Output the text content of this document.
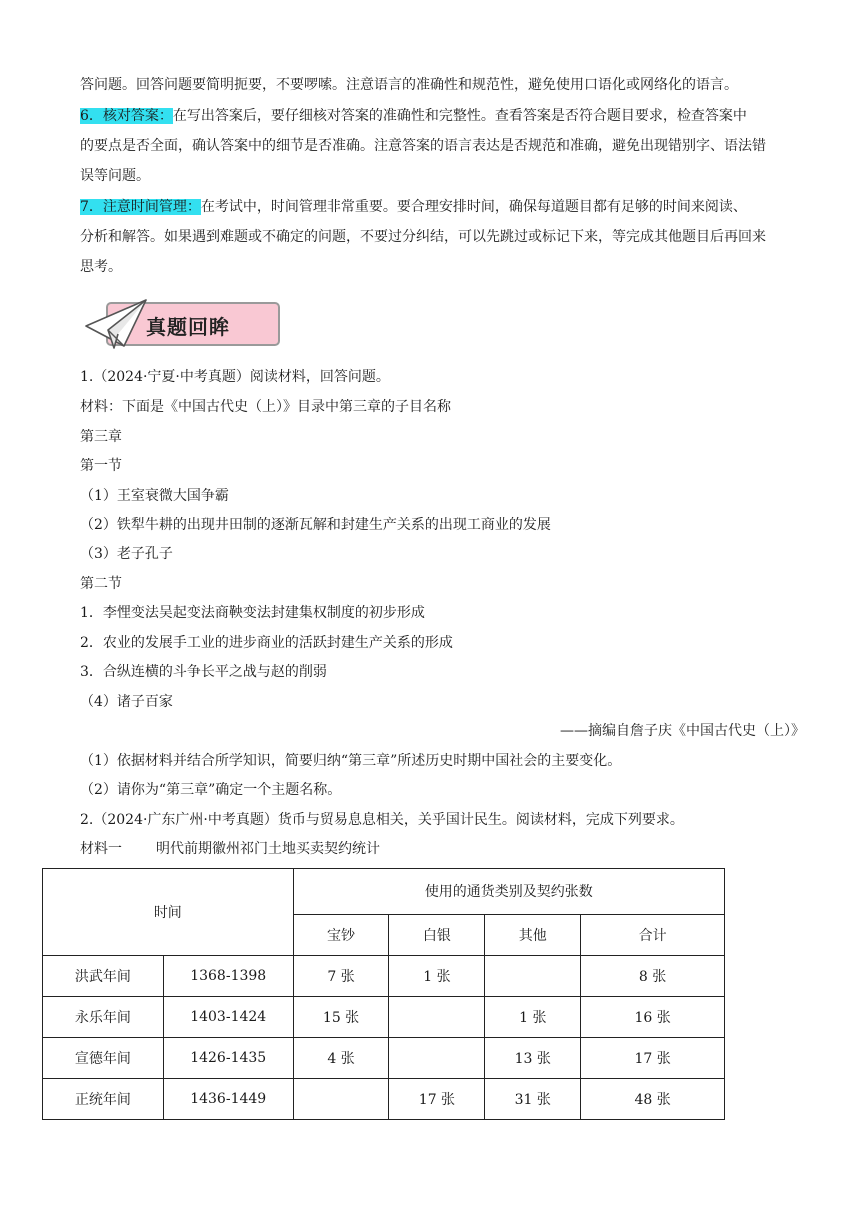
答问题。回答问题要简明扼要，不要啰嗦。注意语言的准确性和规范性，避免使用口语化或网络化的语言。
6．核对答案：在写出答案后，要仔细核对答案的准确性和完整性。查看答案是否符合题目要求，检查答案中
的要点是否全面，确认答案中的细节是否准确。注意答案的语言表达是否规范和准确，避免出现错别字、语法错
误等问题。
7．注意时间管理：在考试中，时间管理非常重要。要合理安排时间，确保每道题目都有足够的时间来阅读、
分析和解答。如果遇到难题或不确定的问题，不要过分纠结，可以先跳过或标记下来，等完成其他题目后再回来
思考。
真题回眸
1.（2024·宁夏·中考真题）阅读材料，回答问题。
材料：下面是《中国古代史（上）》目录中第三章的子目名称
第三章
第一节
（1）王室衰微大国争霸
（2）铁犁牛耕的出现井田制的逐渐瓦解和封建生产关系的出现工商业的发展
（3）老子孔子
第二节
1．李悝变法吴起变法商鞅变法封建集权制度的初步形成
2．农业的发展手工业的进步商业的活跃封建生产关系的形成
3．合纵连横的斗争长平之战与赵的削弱
（4）诸子百家
——摘编自詹子庆《中国古代史（上）》
（1）依据材料并结合所学知识，简要归纳“第三章”所述历史时期中国社会的主要变化。
（2）请你为“第三章”确定一个主题名称。
2.（2024·广东广州·中考真题）货币与贸易息息相关，关乎国计民生。阅读材料，完成下列要求。
材料一 明代前期徽州祁门土地买卖契约统计
时间		使用的通货类别及契约张数			
		宝钞	白银	其他	合计
洪武年间	1368-1398	7 张	1 张		8 张
永乐年间	1403-1424	15 张		1 张	16 张
宣德年间	1426-1435	4 张		13 张	17 张
正统年间	1436-1449		17 张	31 张	48 张
